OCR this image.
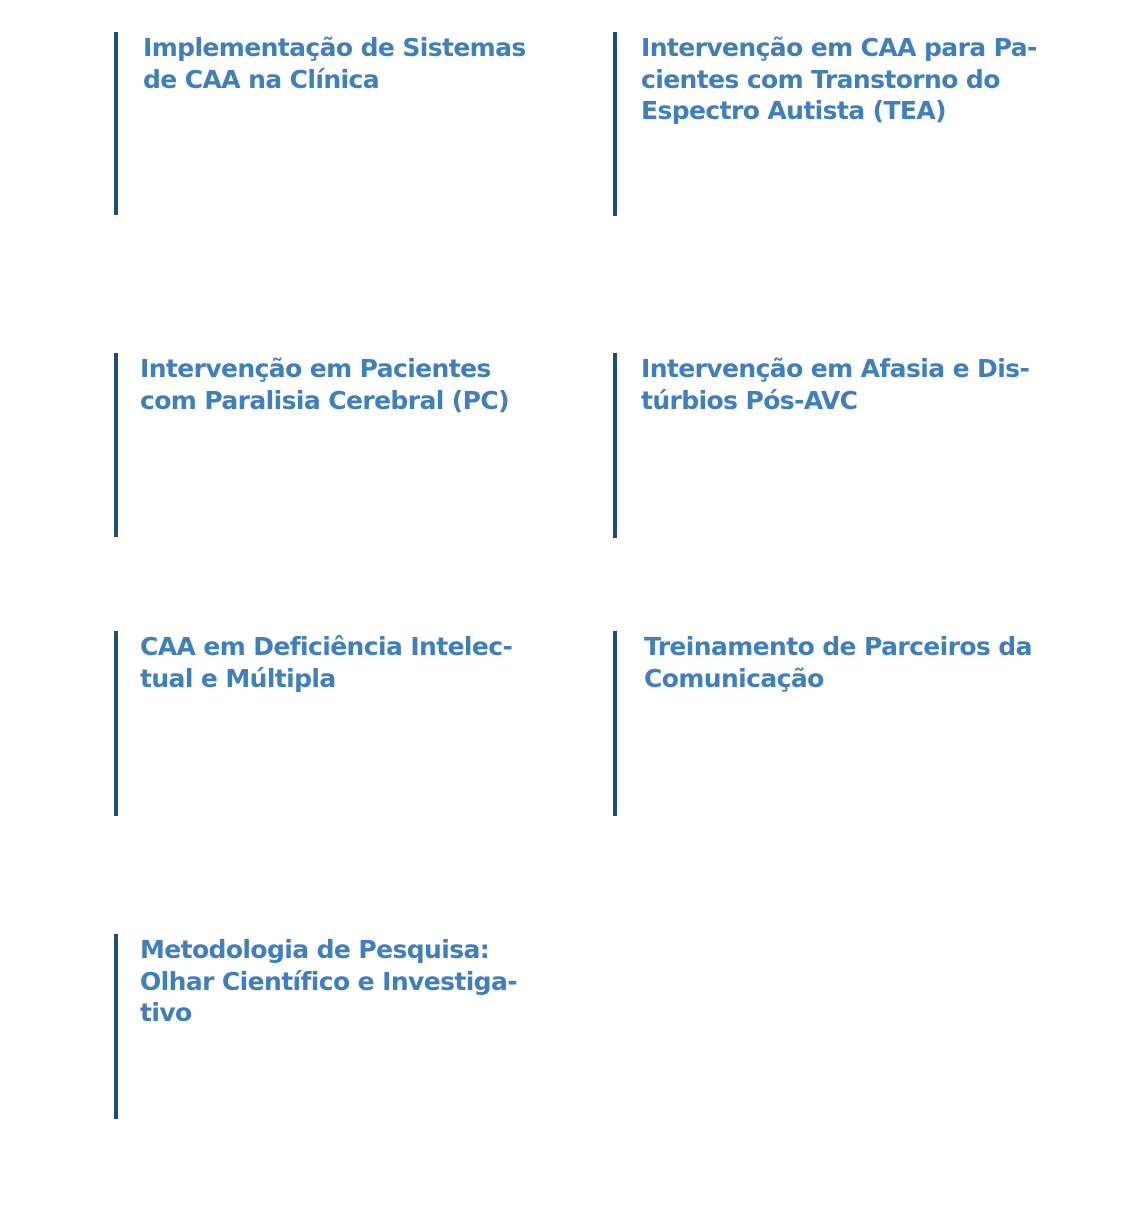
Implementação de Sistemas
de CAA na Clínica
Intervenção em CAA para Pa-
cientes com Transtorno do
Espectro Autista (TEA)
Intervenção em Pacientes
com Paralisia Cerebral (PC)
Intervenção em Afasia e Dis-
túrbios Pós-AVC
CAA em Deficiência Intelec-
tual e Múltipla
Treinamento de Parceiros da
Comunicação
Metodologia de Pesquisa:
Olhar Científico e Investiga-
tivo
